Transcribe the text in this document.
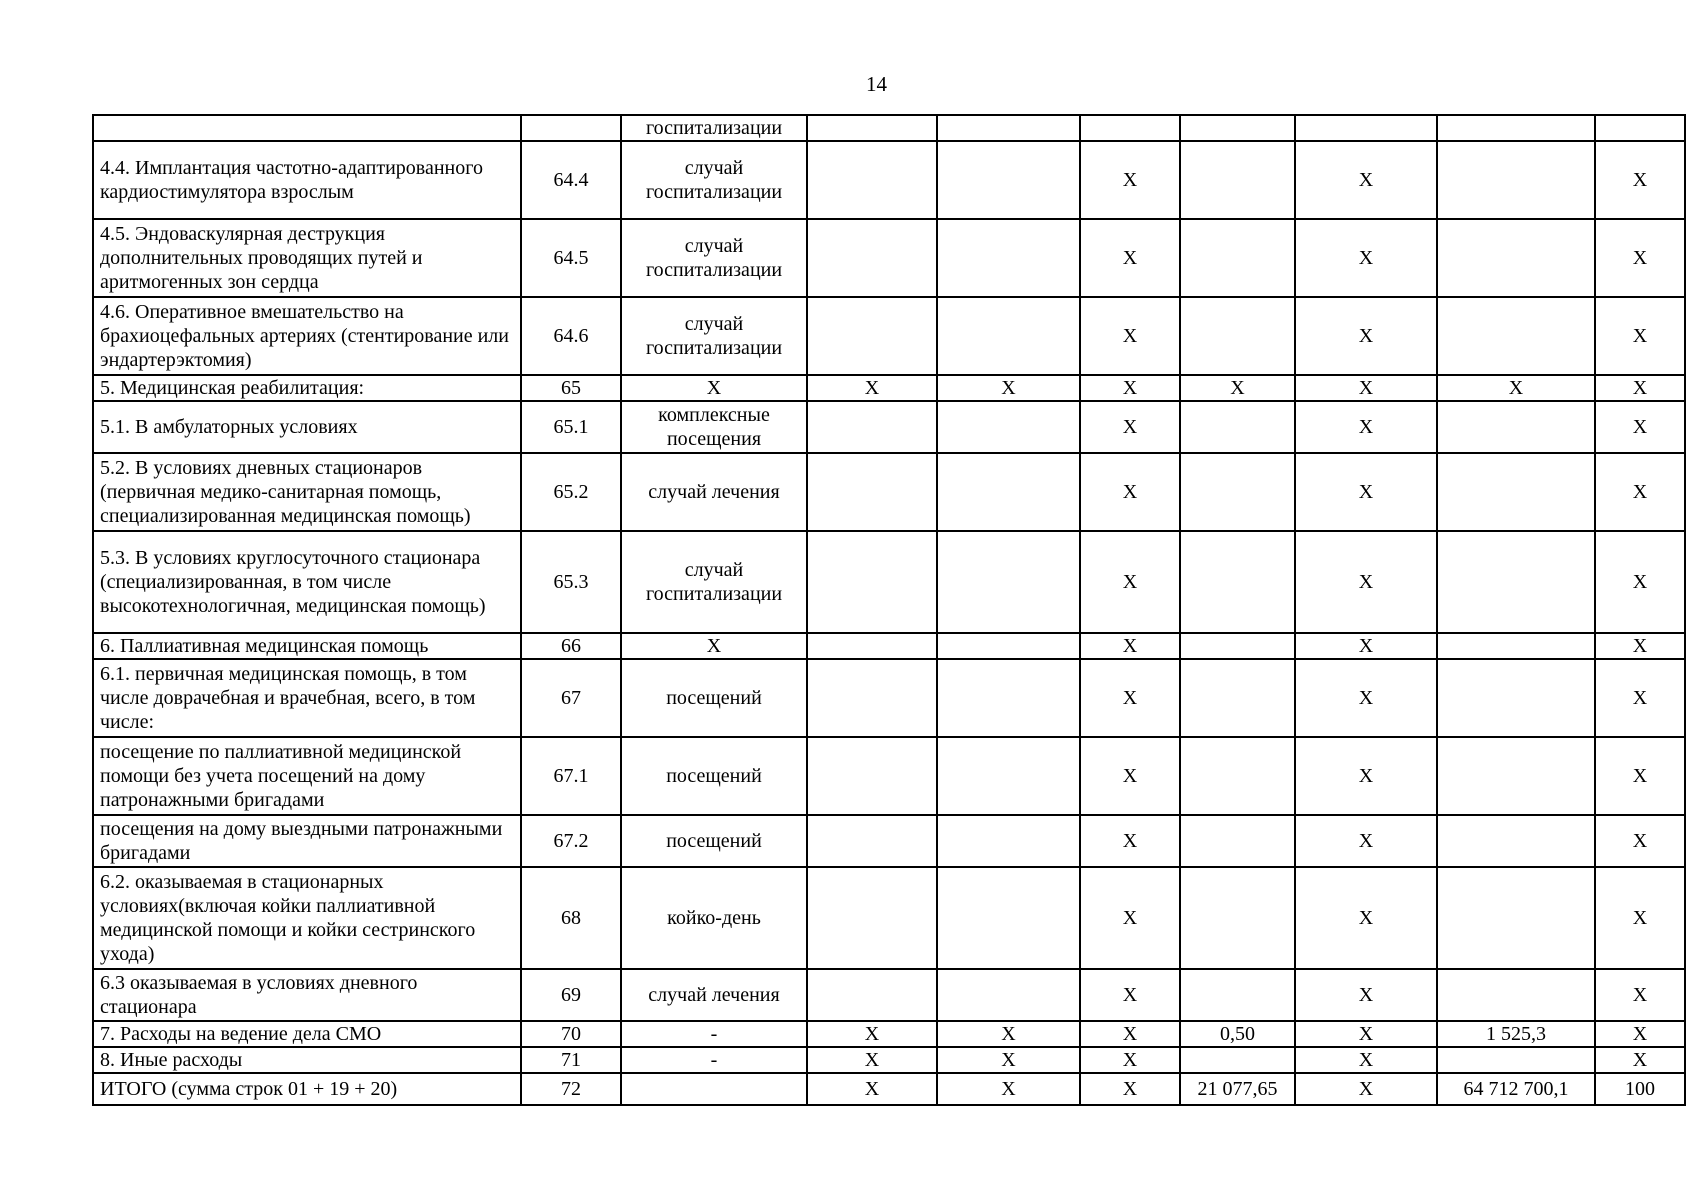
14
		госпитализации							
4.4. Имплантация частотно-адаптированного кардиостимулятора взрослым	64.4	случай госпитализации			Х		Х		Х
4.5. Эндоваскулярная деструкция дополнительных проводящих путей и аритмогенных зон сердца	64.5	случай госпитализации			Х		Х		Х
4.6. Оперативное вмешательство на брахиоцефальных артериях (стентирование или эндартерэктомия)	64.6	случай госпитализации			Х		Х		Х
5. Медицинская реабилитация:	65	Х	Х	Х	Х	Х	Х	Х	Х
5.1. В амбулаторных условиях	65.1	комплексные посещения			Х		Х		Х
5.2. В условиях дневных стационаров (первичная медико-санитарная помощь, специализированная медицинская помощь)	65.2	случай лечения			Х		Х		Х
5.3. В условиях круглосуточного стационара (специализированная, в том числе высокотехнологичная, медицинская помощь)	65.3	случай госпитализации			Х		Х		Х
6. Паллиативная медицинская помощь	66	Х			Х		Х		Х
6.1. первичная медицинская помощь, в том числе доврачебная и врачебная, всего, в том числе:	67	посещений			Х		Х		Х
посещение по паллиативной медицинской помощи без учета посещений на дому патронажными бригадами	67.1	посещений			Х		Х		Х
посещения на дому выездными патронажными бригадами	67.2	посещений			Х		Х		Х
6.2. оказываемая в стационарных условиях(включая койки паллиативной медицинской помощи и койки сестринского ухода)	68	койко-день			Х		Х		Х
6.3 оказываемая в условиях дневного стационара	69	случай лечения			Х		Х		Х
7. Расходы на ведение дела СМО	70	-	Х	Х	Х	0,50	Х	1 525,3	Х
8. Иные расходы	71	-	Х	Х	Х		Х		Х
ИТОГО (сумма строк 01 + 19 + 20)	72		Х	Х	Х	21 077,65	Х	64 712 700,1	100
